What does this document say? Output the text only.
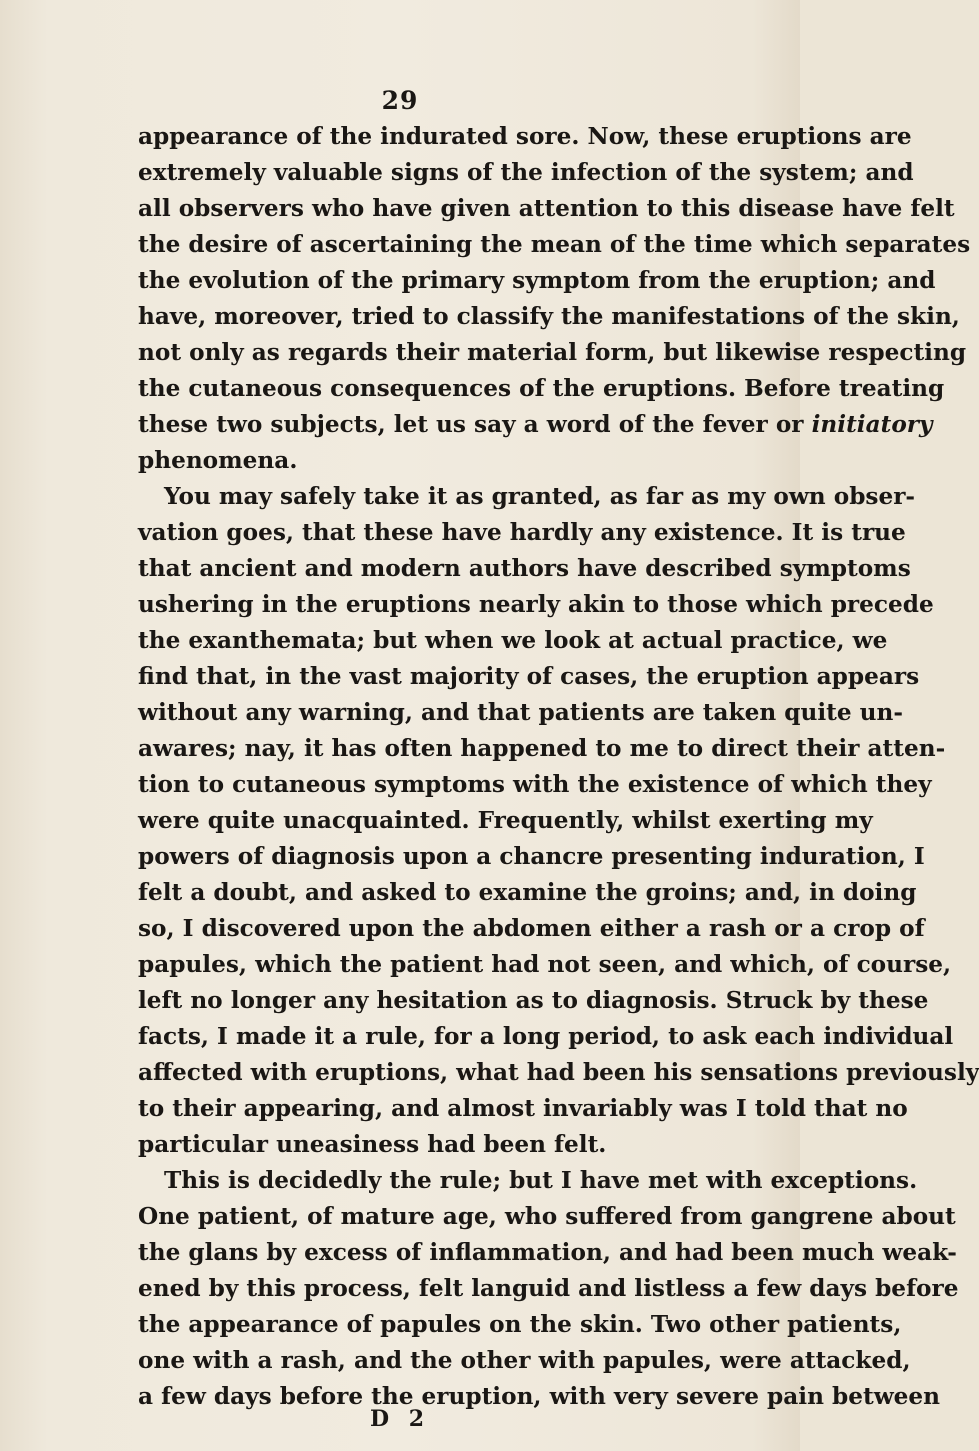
29
appearance of the indurated sore. Now, these eruptions are
extremely valuable signs of the infection of the system; and
all observers who have given attention to this disease have felt
the desire of ascertaining the mean of the time which separates
the evolution of the primary symptom from the eruption; and
have, moreover, tried to classify the manifestations of the skin,
not only as regards their material form, but likewise respecting
the cutaneous consequences of the eruptions. Before treating
these two subjects, let us say a word of the fever or initiatory
phenomena.
You may safely take it as granted, as far as my own obser-
vation goes, that these have hardly any existence. It is true
that ancient and modern authors have described symptoms
ushering in the eruptions nearly akin to those which precede
the exanthemata; but when we look at actual practice, we
find that, in the vast majority of cases, the eruption appears
without any warning, and that patients are taken quite un-
awares; nay, it has often happened to me to direct their atten-
tion to cutaneous symptoms with the existence of which they
were quite unacquainted. Frequently, whilst exerting my
powers of diagnosis upon a chancre presenting induration, I
felt a doubt, and asked to examine the groins; and, in doing
so, I discovered upon the abdomen either a rash or a crop of
papules, which the patient had not seen, and which, of course,
left no longer any hesitation as to diagnosis. Struck by these
facts, I made it a rule, for a long period, to ask each individual
affected with eruptions, what had been his sensations previously
to their appearing, and almost invariably was I told that no
particular uneasiness had been felt.
This is decidedly the rule; but I have met with exceptions.
One patient, of mature age, who suffered from gangrene about
the glans by excess of inflammation, and had been much weak-
ened by this process, felt languid and listless a few days before
the appearance of papules on the skin. Two other patients,
one with a rash, and the other with papules, were attacked,
a few days before the eruption, with very severe pain between
D 2
